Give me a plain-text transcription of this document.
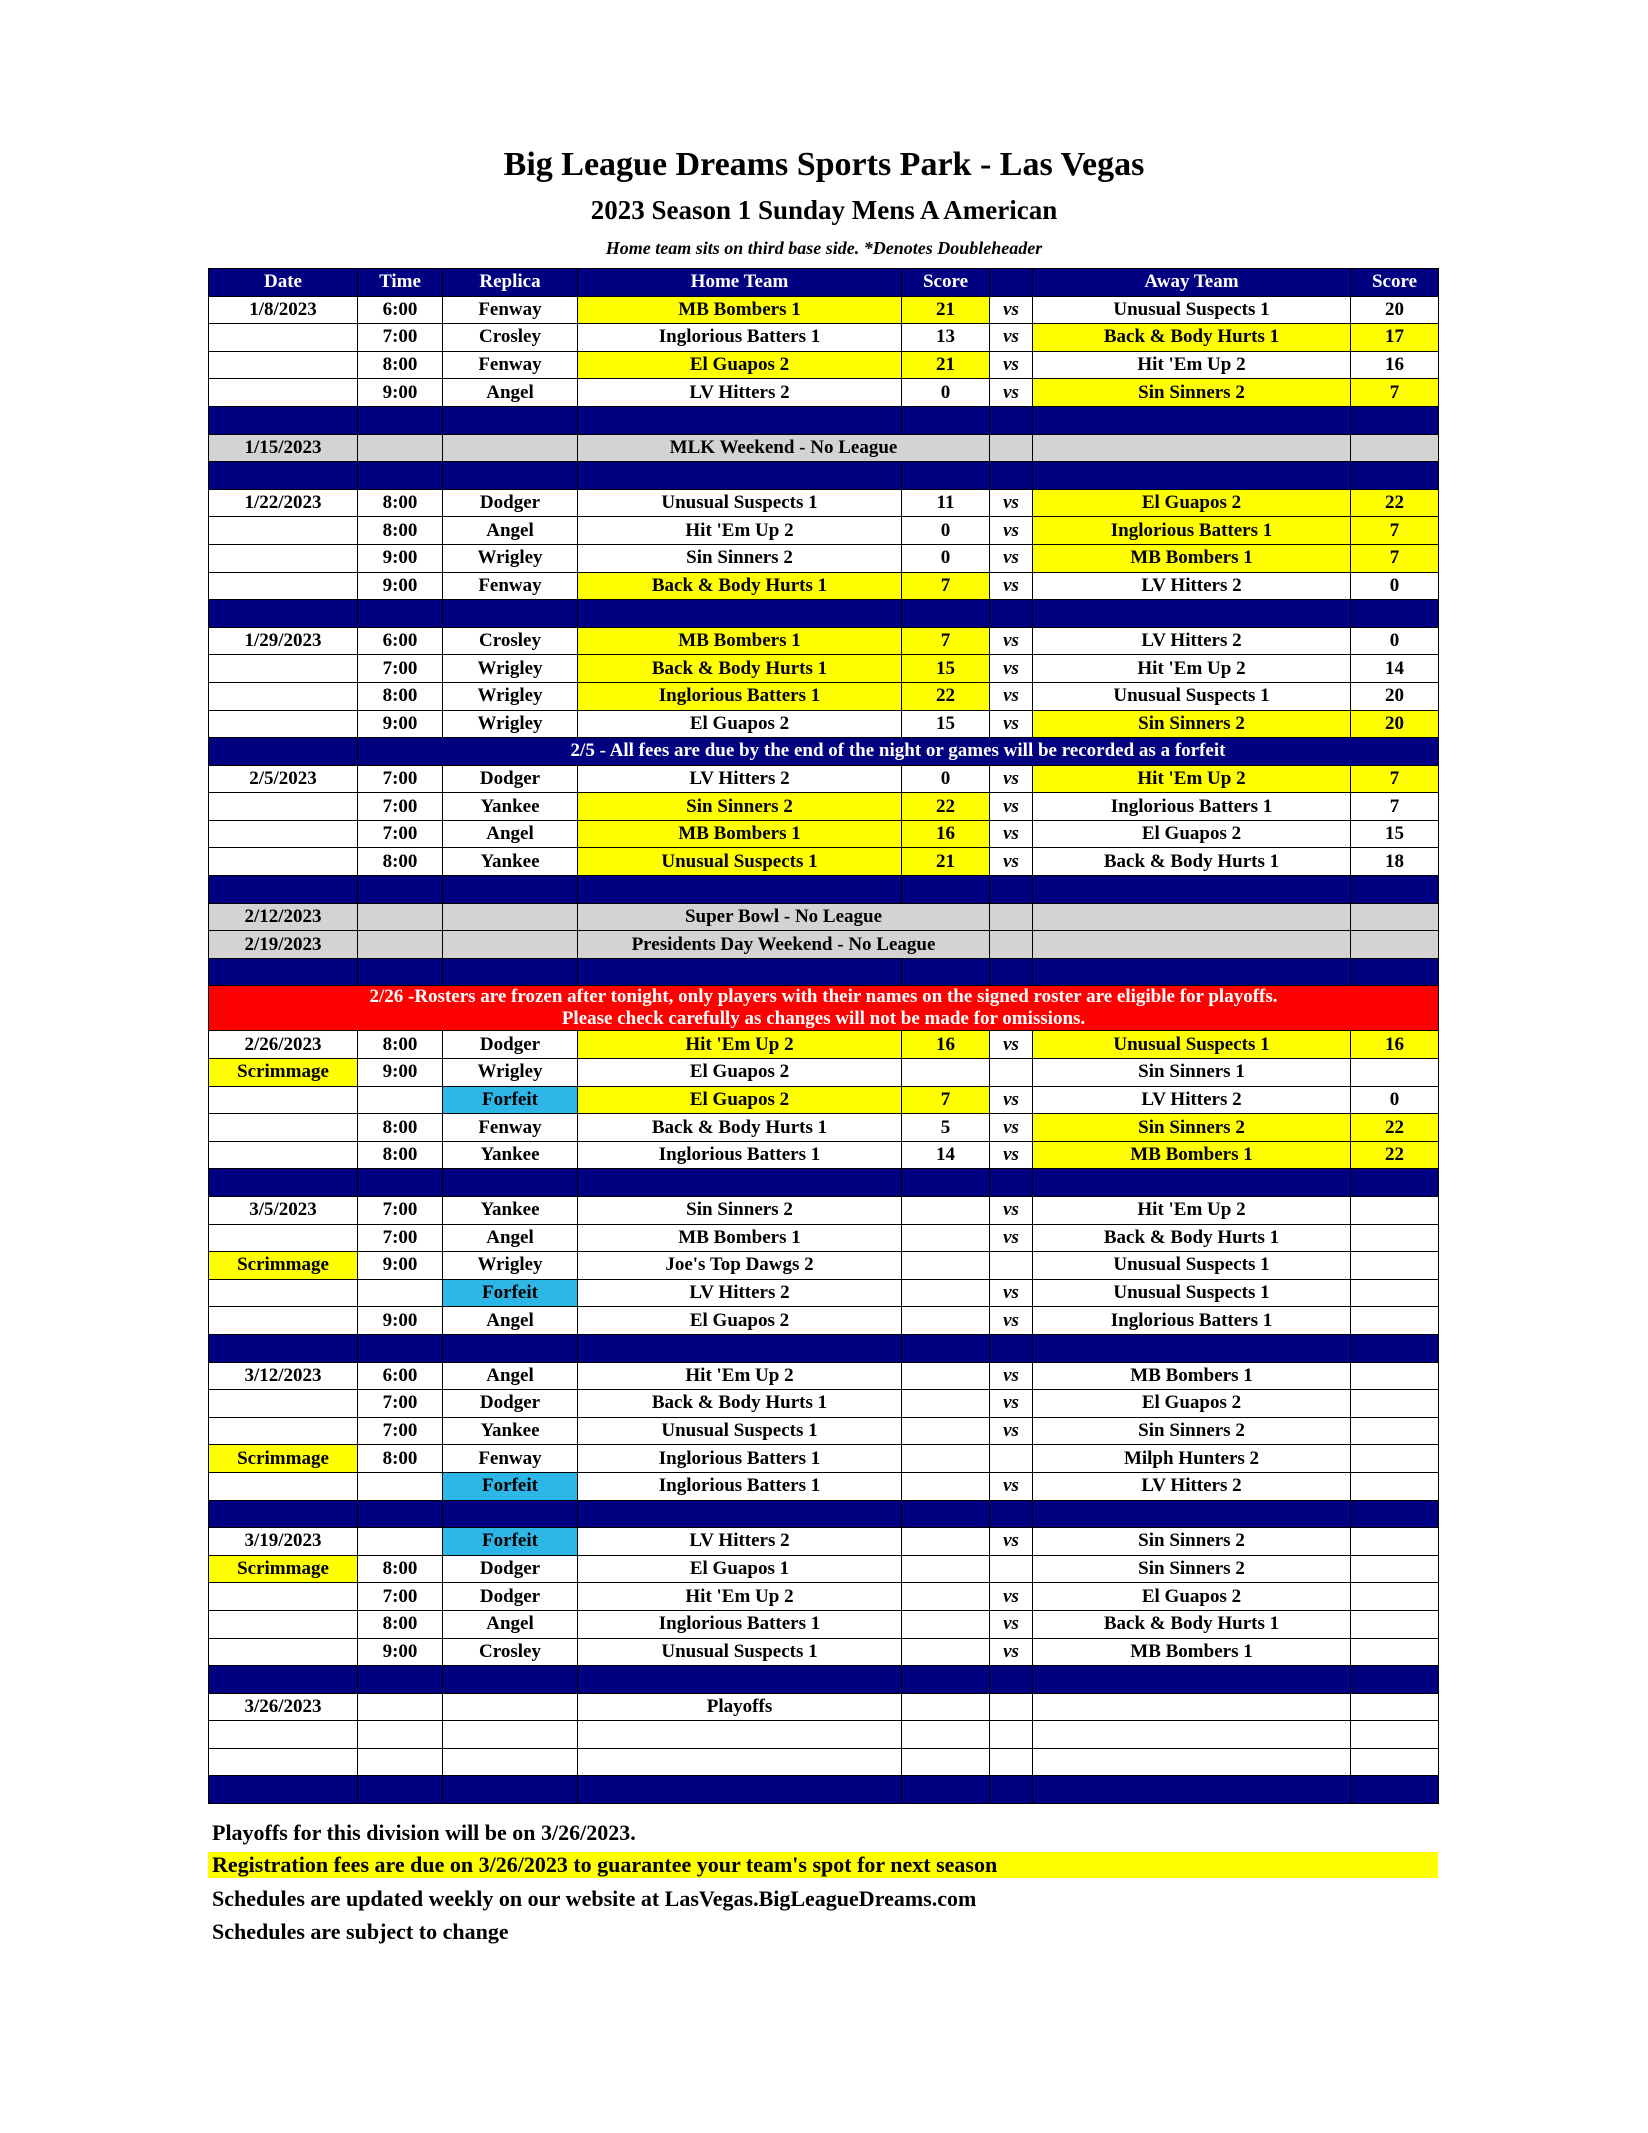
Big League Dreams Sports Park - Las Vegas
2023 Season 1 Sunday Mens A American
Home team sits on third base side. *Denotes Doubleheader
Date	Time	Replica	Home Team	Score		Away Team	Score
1/8/2023	6:00	Fenway	MB Bombers 1	21	vs	Unusual Suspects 1	20
	7:00	Crosley	Inglorious Batters 1	13	vs	Back & Body Hurts 1	17
	8:00	Fenway	El Guapos 2	21	vs	Hit 'Em Up 2	16
	9:00	Angel	LV Hitters 2	0	vs	Sin Sinners 2	7

1/15/2023			MLK Weekend - No League				

1/22/2023	8:00	Dodger	Unusual Suspects 1	11	vs	El Guapos 2	22
	8:00	Angel	Hit 'Em Up 2	0	vs	Inglorious Batters 1	7
	9:00	Wrigley	Sin Sinners 2	0	vs	MB Bombers 1	7
	9:00	Fenway	Back & Body Hurts 1	7	vs	LV Hitters 2	0

1/29/2023	6:00	Crosley	MB Bombers 1	7	vs	LV Hitters 2	0
	7:00	Wrigley	Back & Body Hurts 1	15	vs	Hit 'Em Up 2	14
	8:00	Wrigley	Inglorious Batters 1	22	vs	Unusual Suspects 1	20
	9:00	Wrigley	El Guapos 2	15	vs	Sin Sinners 2	20
	2/5 - All fees are due by the end of the night or games will be recorded as a forfeit						
2/5/2023	7:00	Dodger	LV Hitters 2	0	vs	Hit 'Em Up 2	7
	7:00	Yankee	Sin Sinners 2	22	vs	Inglorious Batters 1	7
	7:00	Angel	MB Bombers 1	16	vs	El Guapos 2	15
	8:00	Yankee	Unusual Suspects 1	21	vs	Back & Body Hurts 1	18

2/12/2023			Super Bowl - No League				
2/19/2023			Presidents Day Weekend - No League				

2/26 -Rosters are frozen after tonight, only players with their names on the signed roster are eligible for playoffs.
Please check carefully as changes will not be made for omissions.							

2/26/2023	8:00	Dodger	Hit 'Em Up 2	16	vs	Unusual Suspects 1	16
Scrimmage	9:00	Wrigley	El Guapos 2			Sin Sinners 1	
		Forfeit	El Guapos 2	7	vs	LV Hitters 2	0
	8:00	Fenway	Back & Body Hurts 1	5	vs	Sin Sinners 2	22
	8:00	Yankee	Inglorious Batters 1	14	vs	MB Bombers 1	22

3/5/2023	7:00	Yankee	Sin Sinners 2		vs	Hit 'Em Up 2	
	7:00	Angel	MB Bombers 1		vs	Back & Body Hurts 1	
Scrimmage	9:00	Wrigley	Joe's Top Dawgs 2			Unusual Suspects 1	
		Forfeit	LV Hitters 2		vs	Unusual Suspects 1	
	9:00	Angel	El Guapos 2		vs	Inglorious Batters 1	

3/12/2023	6:00	Angel	Hit 'Em Up 2		vs	MB Bombers 1	
	7:00	Dodger	Back & Body Hurts 1		vs	El Guapos 2	
	7:00	Yankee	Unusual Suspects 1		vs	Sin Sinners 2	
Scrimmage	8:00	Fenway	Inglorious Batters 1			Milph Hunters 2	
		Forfeit	Inglorious Batters 1		vs	LV Hitters 2	

3/19/2023		Forfeit	LV Hitters 2		vs	Sin Sinners 2	
Scrimmage	8:00	Dodger	El Guapos 1			Sin Sinners 2	
	7:00	Dodger	Hit 'Em Up 2		vs	El Guapos 2	
	8:00	Angel	Inglorious Batters 1		vs	Back & Body Hurts 1	
	9:00	Crosley	Unusual Suspects 1		vs	MB Bombers 1	

3/26/2023			Playoffs				

Playoffs for this division will be on 3/26/2023.
Registration fees are due on 3/26/2023 to guarantee your team's spot for next season
Schedules are updated weekly on our website at LasVegas.BigLeagueDreams.com
Schedules are subject to change
